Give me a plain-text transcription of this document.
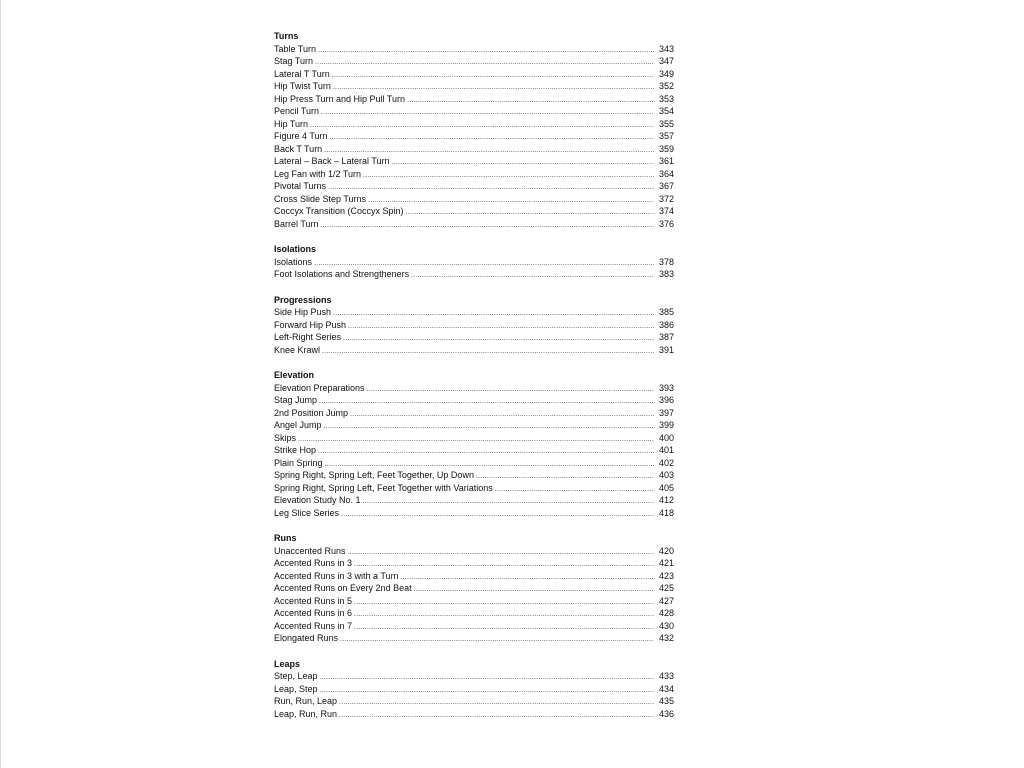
Turns
Table Turn .....	343
Stag Turn .....	347
Lateral T Turn .....	349
Hip Twist Turn .....	352
Hip Press Turn and Hip Pull Turn .....	353
Pencil Turn .....	354
Hip Turn .....	355
Figure 4 Turn .....	357
Back T Turn .....	359
Lateral – Back – Lateral Turn .....	361
Leg Fan with 1/2 Turn .....	364
Pivotal Turns .....	367
Cross Slide Step Turns .....	372
Coccyx Transition (Coccyx Spin) .....	374
Barrel Turn .....	376
Isolations
Isolations .....	378
Foot Isolations and Strengtheners .....	383
Progressions
Side Hip Push .....	385
Forward Hip Push .....	386
Left-Right Series .....	387
Knee Krawl .....	391
Elevation
Elevation Preparations .....	393
Stag Jump .....	396
2nd Position Jump .....	397
Angel Jump .....	399
Skips .....	400
Strike Hop .....	401
Plain Spring .....	402
Spring Right, Spring Left, Feet Together, Up Down .....	403
Spring Right, Spring Left, Feet Together with Variations .....	405
Elevation Study No. 1 .....	412
Leg Slice Series .....	418
Runs
Unaccented Runs .....	420
Accented Runs in 3 .....	421
Accented Runs in 3 with a Turn .....	423
Accented Runs on Every 2nd Beat .....	425
Accented Runs in 5 .....	427
Accented Runs in 6 .....	428
Accented Runs in 7 .....	430
Elongated Runs .....	432
Leaps
Step, Leap .....	433
Leap, Step .....	434
Run, Run, Leap .....	435
Leap, Run, Run .....	436
